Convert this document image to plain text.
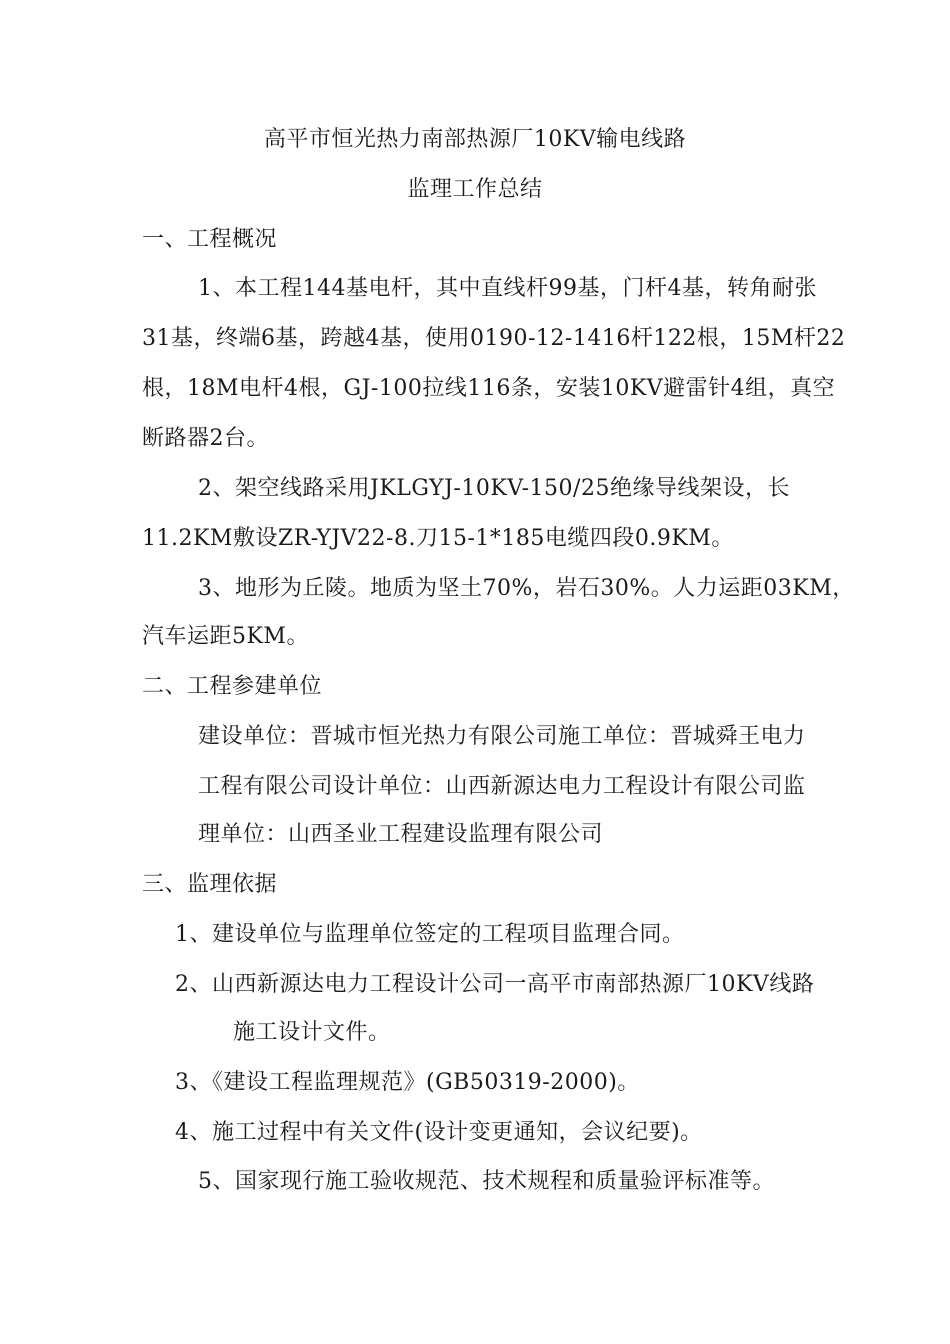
高平市恒光热力南部热源厂10KV输电线路
监理工作总结
一、工程概况
1、本工程144基电杆，其中直线杆99基，门杆4基，转角耐张
31基，终端6基，跨越4基，使用0190-12-1416杆122根，15M杆22
根，18M电杆4根，GJ-100拉线116条，安装10KV避雷针4组，真空
断路器2台。
2、架空线路采用JKLGYJ-10KV-150/25绝缘导线架设，长
11.2KM敷设ZR-YJV22-8.刀15-1*185电缆四段0.9KM。
3、地形为丘陵。地质为坚土70%，岩石30%。人力运距03KM，
汽车运距5KM。
二、工程参建单位
建设单位：晋城市恒光热力有限公司施工单位：晋城舜王电力
工程有限公司设计单位：山西新源达电力工程设计有限公司监
理单位：山西圣业工程建设监理有限公司
三、监理依据
1、建设单位与监理单位签定的工程项目监理合同。
2、山西新源达电力工程设计公司一高平市南部热源厂10KV线路
施工设计文件。
3、《建设工程监理规范》(GB50319-2000)。
4、施工过程中有关文件(设计变更通知，会议纪要)。
5、国家现行施工验收规范、技术规程和质量验评标准等。
